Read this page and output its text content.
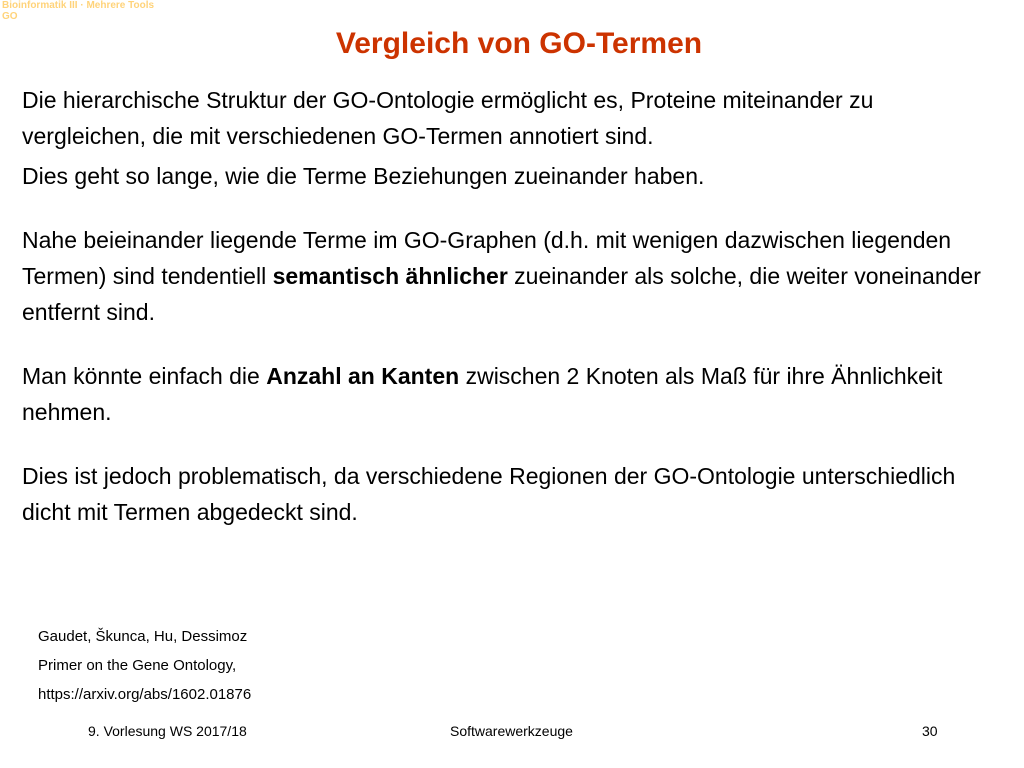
Bioinformatik III · Mehrere Tools
GO
Vergleich von GO-Termen

Die hierarchische Struktur der GO-Ontologie ermöglicht es, Proteine miteinander zu vergleichen, die mit verschiedenen GO-Termen annotiert sind.

Dies geht so lange, wie die Terme Beziehungen zueinander haben.

Nahe beieinander liegende Terme im GO-Graphen (d.h. mit wenigen dazwischen liegenden Termen) sind tendentiell semantisch ähnlicher zueinander als solche, die weiter voneinander entfernt sind.

Man könnte einfach die Anzahl an Kanten zwischen 2 Knoten als Maß für ihre Ähnlichkeit nehmen.

Dies ist jedoch problematisch, da verschiedene Regionen der GO-Ontologie unterschiedlich dicht mit Termen abgedeckt sind.

Gaudet, Škunca, Hu, Dessimoz
Primer on the Gene Ontology,
https://arxiv.org/abs/1602.01876
9. Vorlesung WS 2017/18	Softwarewerkzeuge	30
